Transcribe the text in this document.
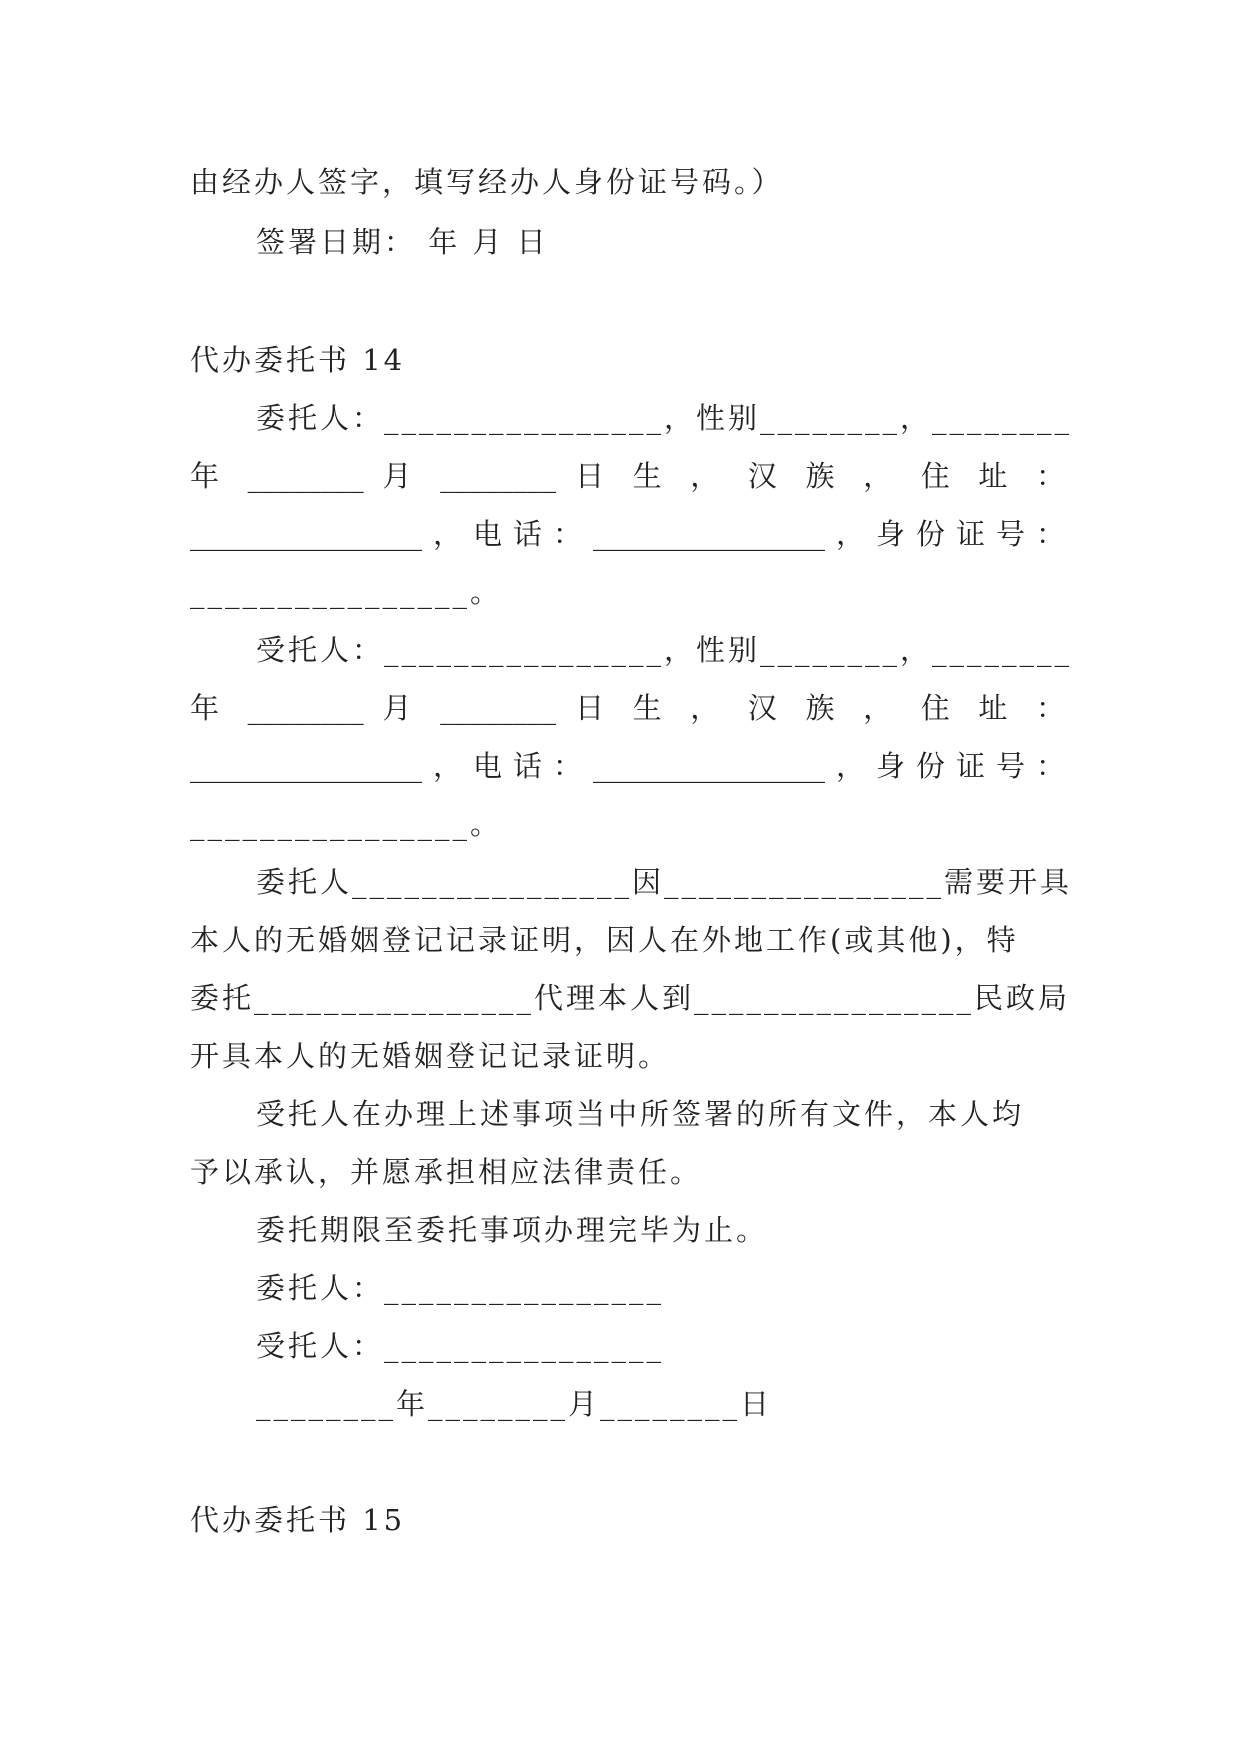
由经办人签字，填写经办人身份证号码。）

签署日期： 年 月 日

代办委托书 14

委托人：________________，性别________，________

年 ________ 月 ________ 日 生 ， 汉 族 ， 住 址 ：

________________，电话：________________，身份证号：

________________。

受托人：________________，性别________，________

年 ________ 月 ________ 日 生 ， 汉 族 ， 住 址 ：

________________，电话：________________，身份证号：

________________。

委托人________________因________________需要开具

本人的无婚姻登记记录证明，因人在外地工作(或其他)，特

委托________________代理本人到________________民政局

开具本人的无婚姻登记记录证明。

受托人在办理上述事项当中所签署的所有文件，本人均

予以承认，并愿承担相应法律责任。

委托期限至委托事项办理完毕为止。

委托人：________________

受托人：________________

________年________月________日

代办委托书 15
